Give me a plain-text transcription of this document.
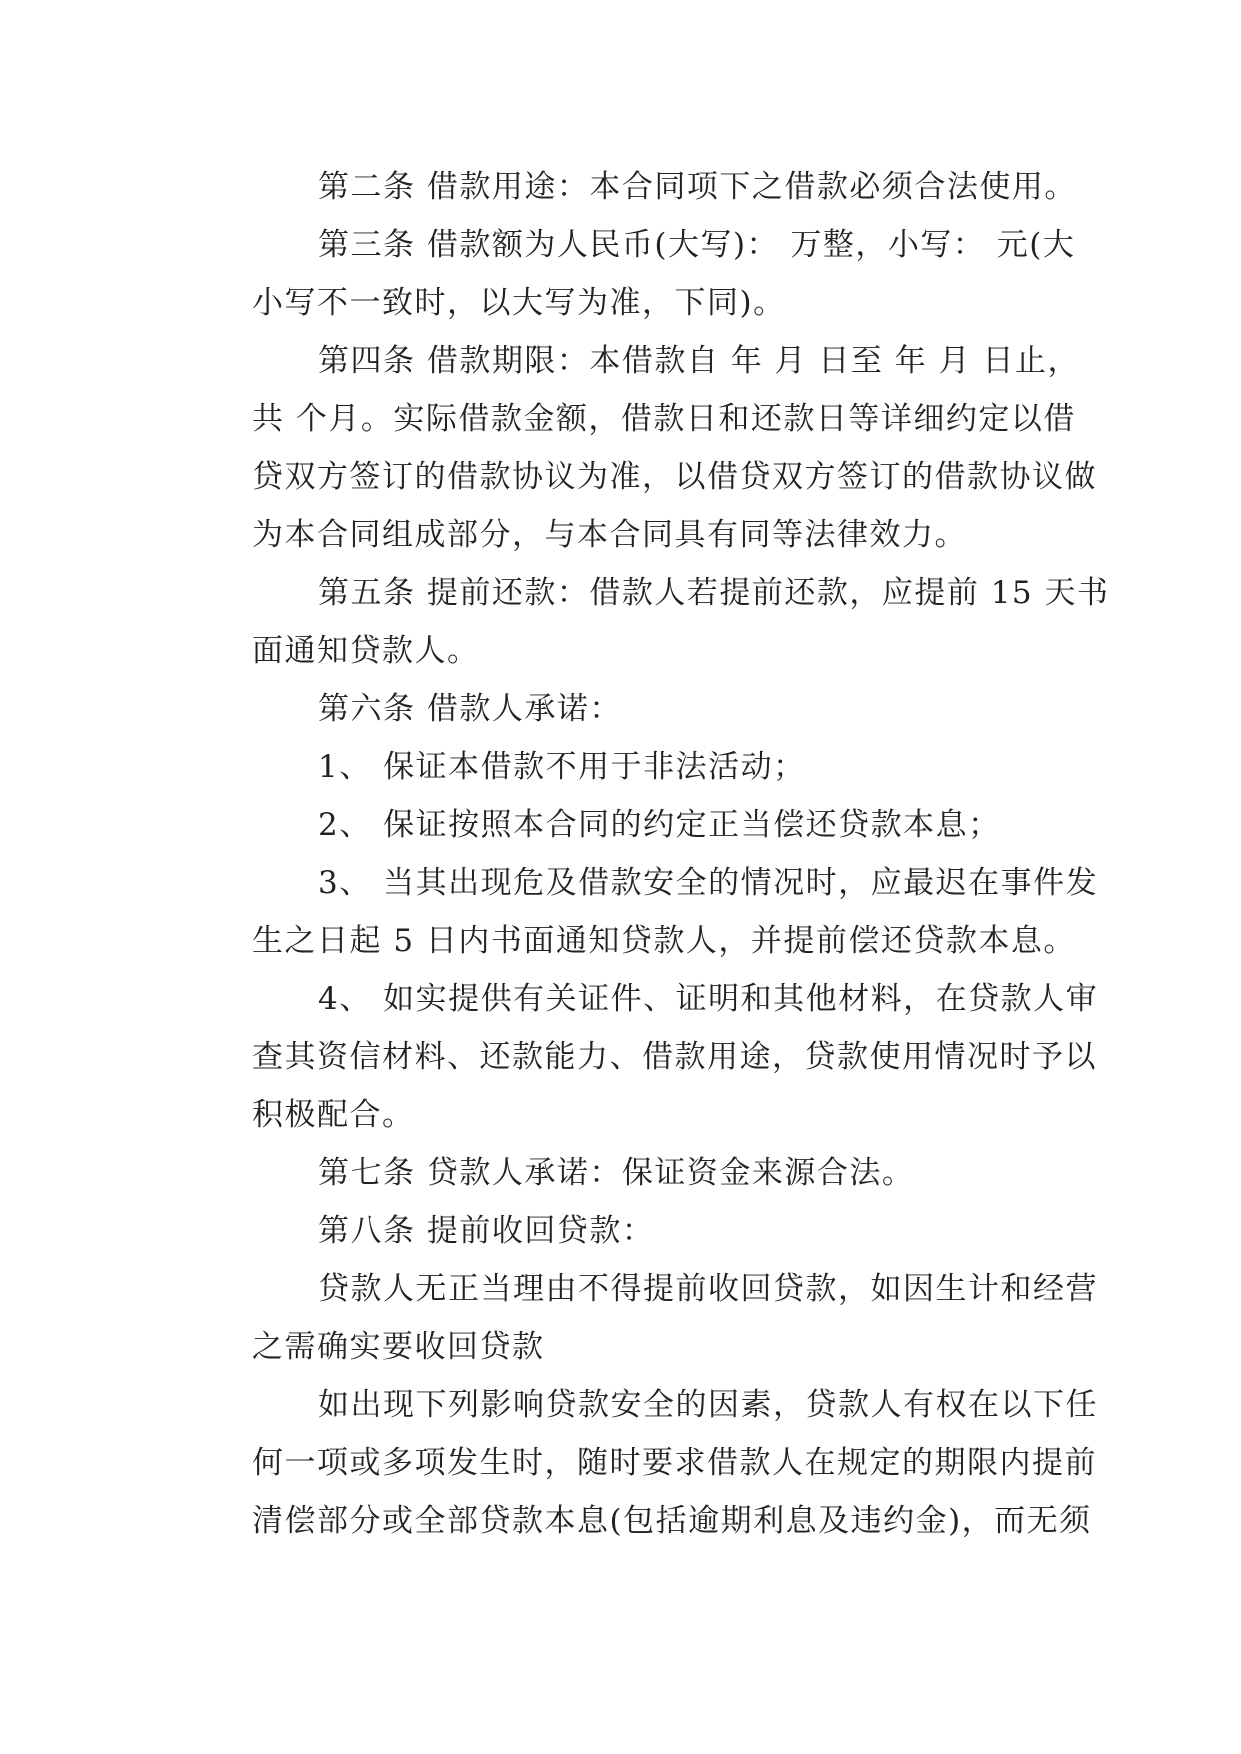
第二条 借款用途：本合同项下之借款必须合法使用。
第三条 借款额为人民币(大写)： 万整，小写： 元(大
小写不一致时，以大写为准，下同)。
第四条 借款期限：本借款自 年 月 日至 年 月 日止，
共 个月。实际借款金额，借款日和还款日等详细约定以借
贷双方签订的借款协议为准，以借贷双方签订的借款协议做
为本合同组成部分，与本合同具有同等法律效力。
第五条 提前还款：借款人若提前还款，应提前 15 天书
面通知贷款人。
第六条 借款人承诺：
1、 保证本借款不用于非法活动；
2、 保证按照本合同的约定正当偿还贷款本息；
3、 当其出现危及借款安全的情况时，应最迟在事件发
生之日起 5 日内书面通知贷款人，并提前偿还贷款本息。
4、 如实提供有关证件、证明和其他材料，在贷款人审
查其资信材料、还款能力、借款用途，贷款使用情况时予以
积极配合。
第七条 贷款人承诺：保证资金来源合法。
第八条 提前收回贷款：
贷款人无正当理由不得提前收回贷款，如因生计和经营
之需确实要收回贷款
如出现下列影响贷款安全的因素，贷款人有权在以下任
何一项或多项发生时，随时要求借款人在规定的期限内提前
清偿部分或全部贷款本息(包括逾期利息及违约金)，而无须
